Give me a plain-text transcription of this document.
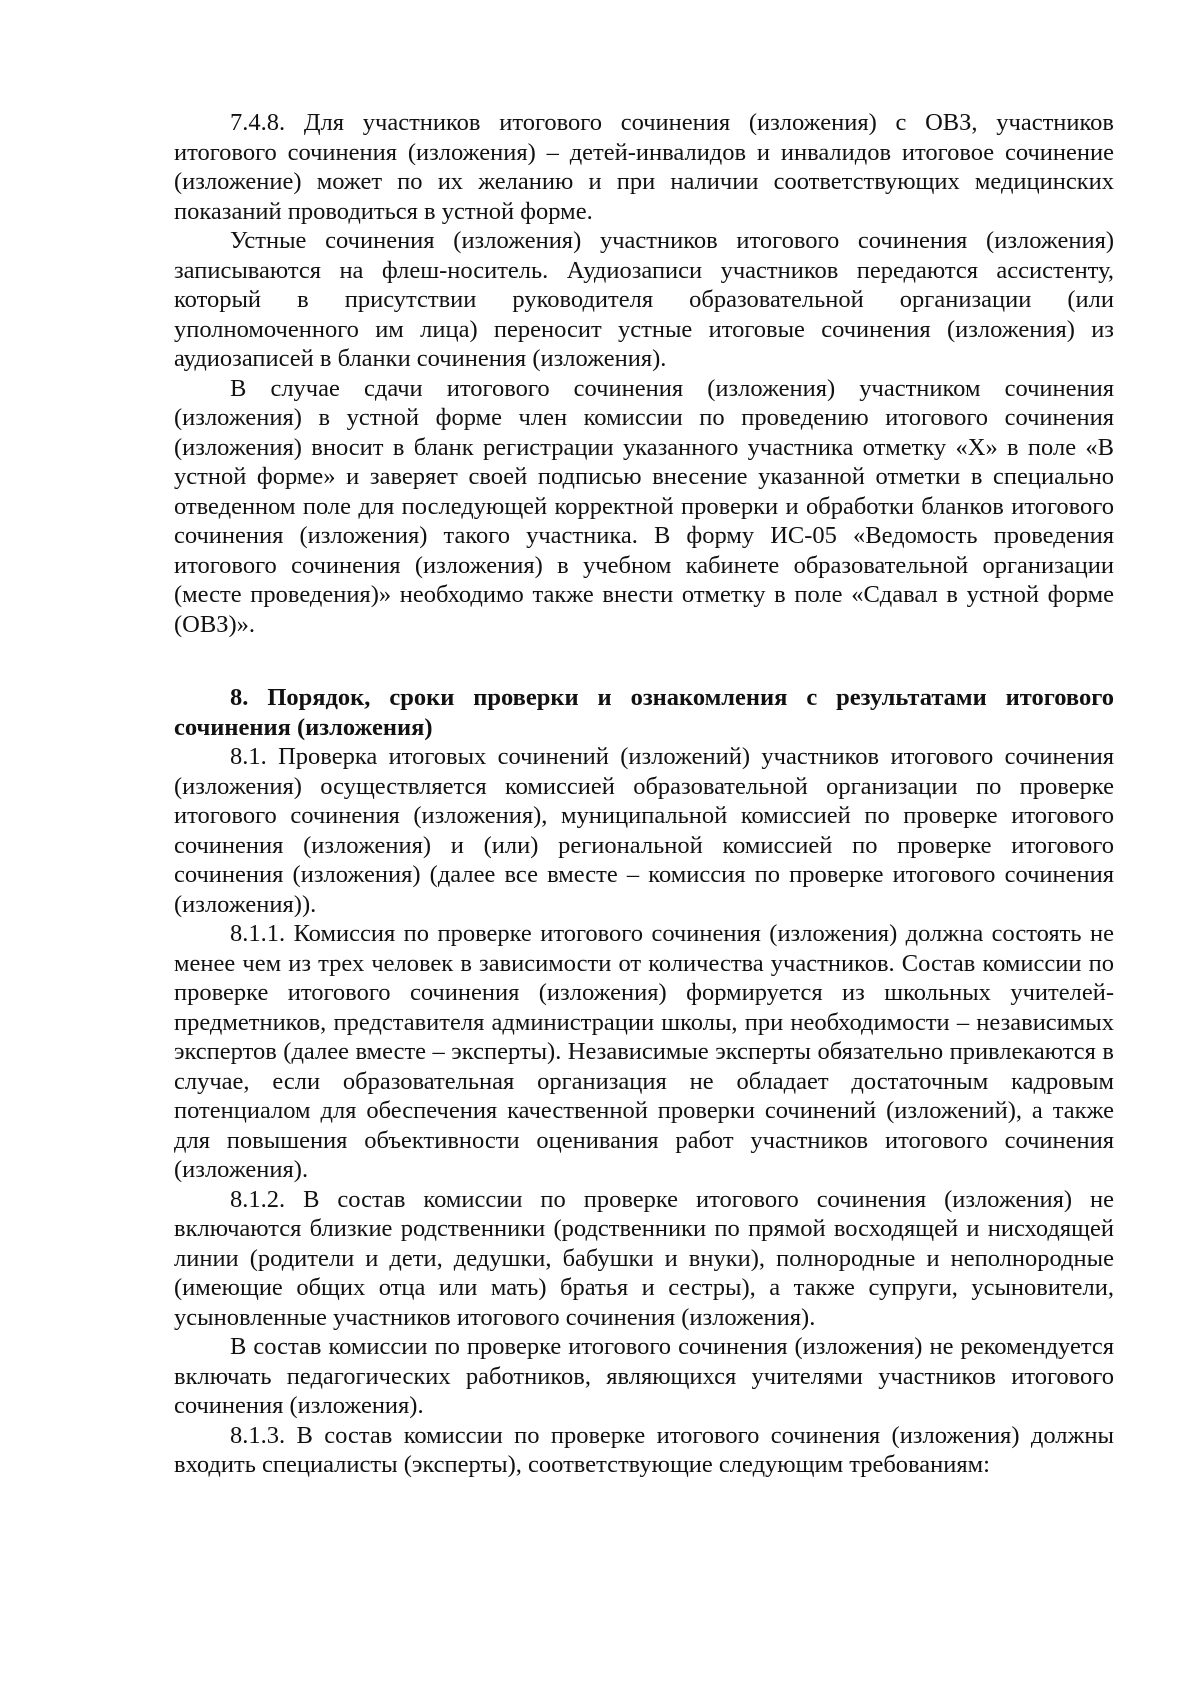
7.4.8. Для участников итогового сочинения (изложения) с ОВЗ, участников итогового сочинения (изложения) – детей-инвалидов и инвалидов итоговое сочинение (изложение) может по их желанию и при наличии соответствующих медицинских показаний проводиться в устной форме.

Устные сочинения (изложения) участников итогового сочинения (изложения) записываются на флеш-носитель. Аудиозаписи участников передаются ассистенту, который в присутствии руководителя образовательной организации (или уполномоченного им лица) переносит устные итоговые сочинения (изложения) из аудиозаписей в бланки сочинения (изложения).

В случае сдачи итогового сочинения (изложения) участником сочинения (изложения) в устной форме член комиссии по проведению итогового сочинения (изложения) вносит в бланк регистрации указанного участника отметку «X» в поле «В устной форме» и заверяет своей подписью внесение указанной отметки в специально отведенном поле для последующей корректной проверки и обработки бланков итогового сочинения (изложения) такого участника. В форму ИС-05 «Ведомость проведения итогового сочинения (изложения) в учебном кабинете образовательной организации (месте проведения)» необходимо также внести отметку в поле «Сдавал в устной форме (ОВЗ)».

8. Порядок, сроки проверки и ознакомления с результатами итогового сочинения (изложения)

8.1. Проверка итоговых сочинений (изложений) участников итогового сочинения (изложения) осуществляется комиссией образовательной организации по проверке итогового сочинения (изложения), муниципальной комиссией по проверке итогового сочинения (изложения) и (или) региональной комиссией по проверке итогового сочинения (изложения) (далее все вместе – комиссия по проверке итогового сочинения (изложения)).

8.1.1. Комиссия по проверке итогового сочинения (изложения) должна состоять не менее чем из трех человек в зависимости от количества участников. Состав комиссии по проверке итогового сочинения (изложения) формируется из школьных учителей-предметников, представителя администрации школы, при необходимости – независимых экспертов (далее вместе – эксперты). Независимые эксперты обязательно привлекаются в случае, если образовательная организация не обладает достаточным кадровым потенциалом для обеспечения качественной проверки сочинений (изложений), а также для повышения объективности оценивания работ участников итогового сочинения (изложения).

8.1.2. В состав комиссии по проверке итогового сочинения (изложения) не включаются близкие родственники (родственники по прямой восходящей и нисходящей линии (родители и дети, дедушки, бабушки и внуки), полнородные и неполнородные (имеющие общих отца или мать) братья и сестры), а также супруги, усыновители, усыновленные участников итогового сочинения (изложения).

В состав комиссии по проверке итогового сочинения (изложения) не рекомендуется включать педагогических работников, являющихся учителями участников итогового сочинения (изложения).

8.1.3. В состав комиссии по проверке итогового сочинения (изложения) должны входить специалисты (эксперты), соответствующие следующим требованиям:
